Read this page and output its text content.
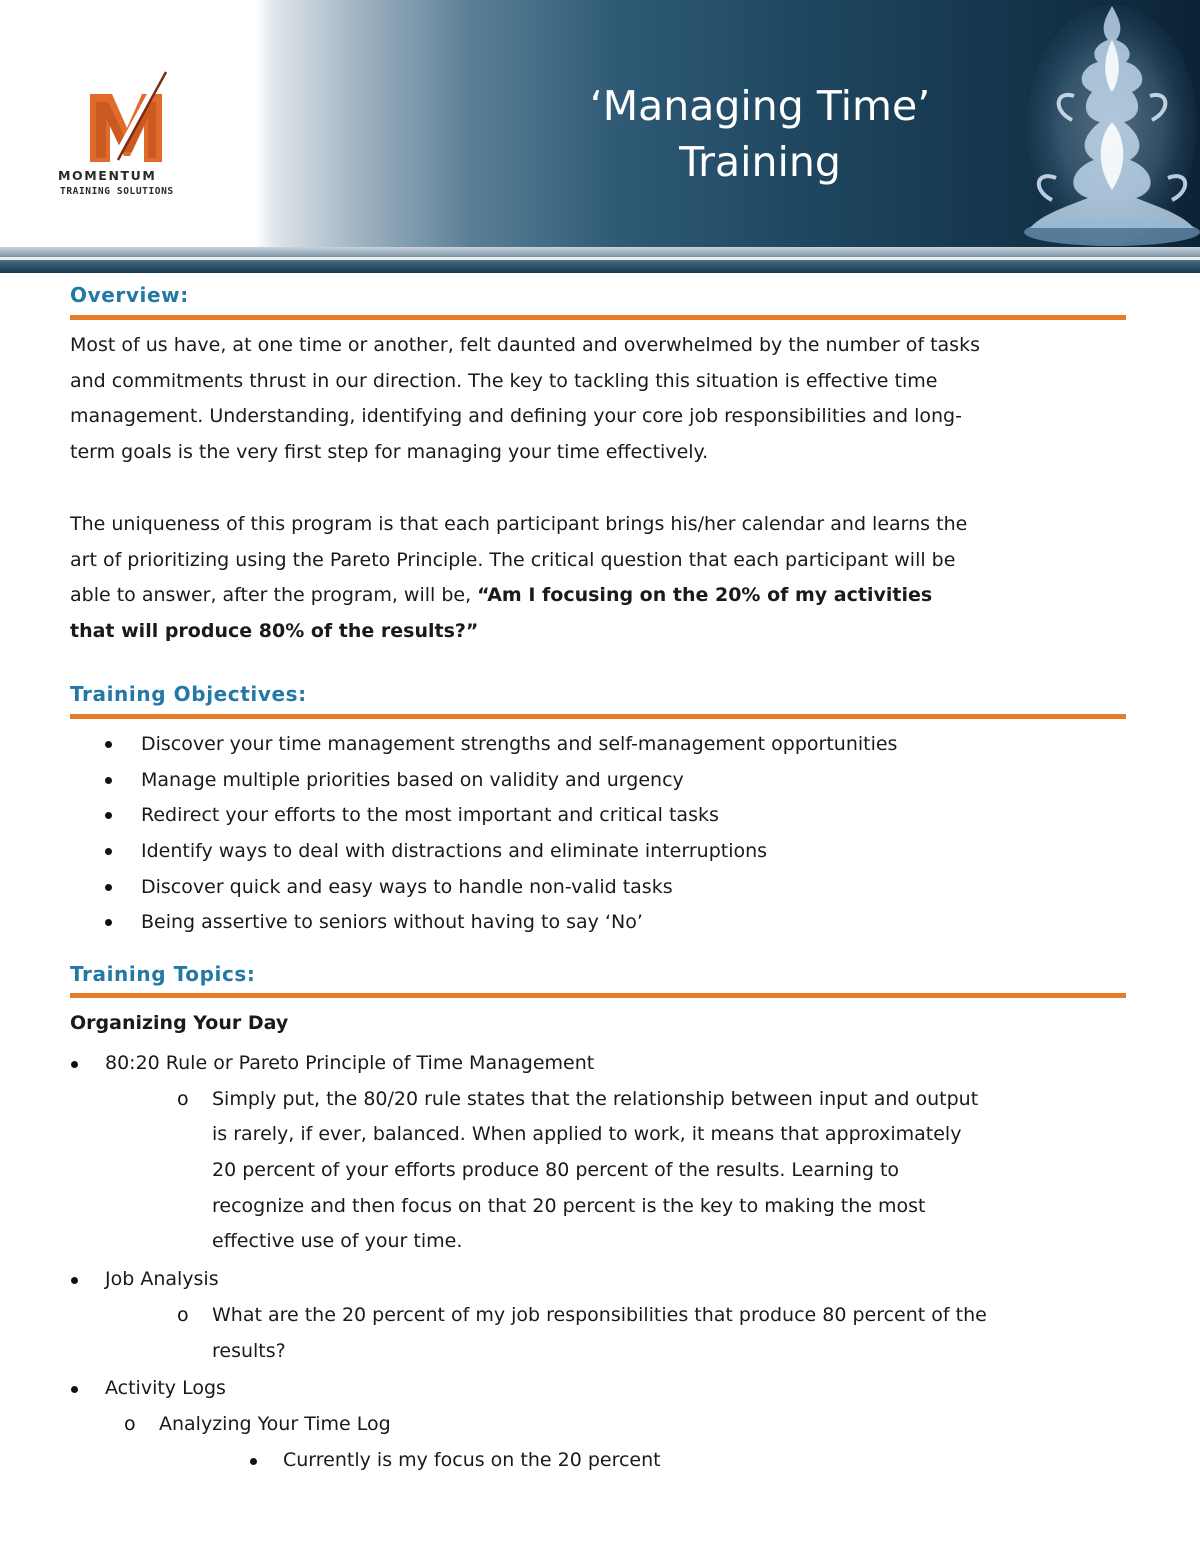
MOMENTUM
TRAINING SOLUTIONS
‘Managing Time’
Training
Overview:
Most of us have, at one time or another, felt daunted and overwhelmed by the number of tasks
and commitments thrust in our direction. The key to tackling this situation is effective time
management. Understanding, identifying and defining your core job responsibilities and long-
term goals is the very first step for managing your time effectively.
The uniqueness of this program is that each participant brings his/her calendar and learns the
art of prioritizing using the Pareto Principle. The critical question that each participant will be
able to answer, after the program, will be, “Am I focusing on the 20% of my activities
that will produce 80% of the results?”
Training Objectives:
Discover your time management strengths and self-management opportunities
Manage multiple priorities based on validity and urgency
Redirect your efforts to the most important and critical tasks
Identify ways to deal with distractions and eliminate interruptions
Discover quick and easy ways to handle non-valid tasks
Being assertive to seniors without having to say ‘No’
Training Topics:
Organizing Your Day
80:20 Rule or Pareto Principle of Time Management
o Simply put, the 80/20 rule states that the relationship between input and output
is rarely, if ever, balanced. When applied to work, it means that approximately
20 percent of your efforts produce 80 percent of the results. Learning to
recognize and then focus on that 20 percent is the key to making the most
effective use of your time.
Job Analysis
o What are the 20 percent of my job responsibilities that produce 80 percent of the
results?
Activity Logs
o Analyzing Your Time Log
Currently is my focus on the 20 percent
